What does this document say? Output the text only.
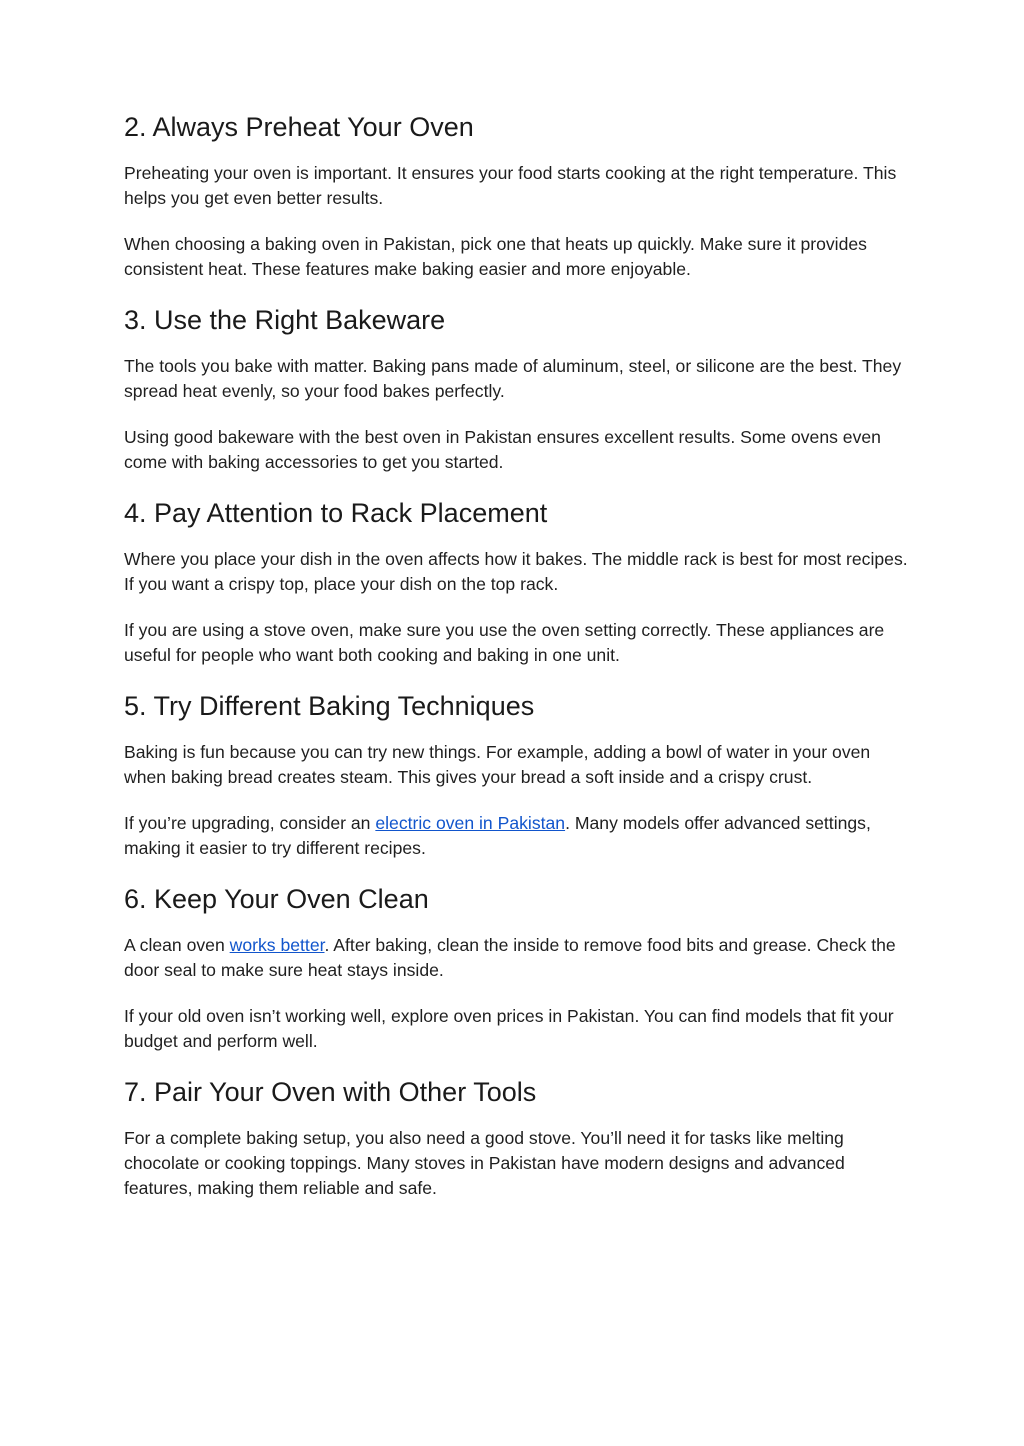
2. Always Preheat Your Oven

Preheating your oven is important. It ensures your food starts cooking at the right temperature. This helps you get even better results.

When choosing a baking oven in Pakistan, pick one that heats up quickly. Make sure it provides consistent heat. These features make baking easier and more enjoyable.

3. Use the Right Bakeware

The tools you bake with matter. Baking pans made of aluminum, steel, or silicone are the best. They spread heat evenly, so your food bakes perfectly.

Using good bakeware with the best oven in Pakistan ensures excellent results. Some ovens even come with baking accessories to get you started.

4. Pay Attention to Rack Placement

Where you place your dish in the oven affects how it bakes. The middle rack is best for most recipes. If you want a crispy top, place your dish on the top rack.

If you are using a stove oven, make sure you use the oven setting correctly. These appliances are useful for people who want both cooking and baking in one unit.

5. Try Different Baking Techniques

Baking is fun because you can try new things. For example, adding a bowl of water in your oven when baking bread creates steam. This gives your bread a soft inside and a crispy crust.

If you’re upgrading, consider an electric oven in Pakistan. Many models offer advanced settings, making it easier to try different recipes.

6. Keep Your Oven Clean

A clean oven works better. After baking, clean the inside to remove food bits and grease. Check the door seal to make sure heat stays inside.

If your old oven isn’t working well, explore oven prices in Pakistan. You can find models that fit your budget and perform well.

7. Pair Your Oven with Other Tools

For a complete baking setup, you also need a good stove. You’ll need it for tasks like melting chocolate or cooking toppings. Many stoves in Pakistan have modern designs and advanced features, making them reliable and safe.
